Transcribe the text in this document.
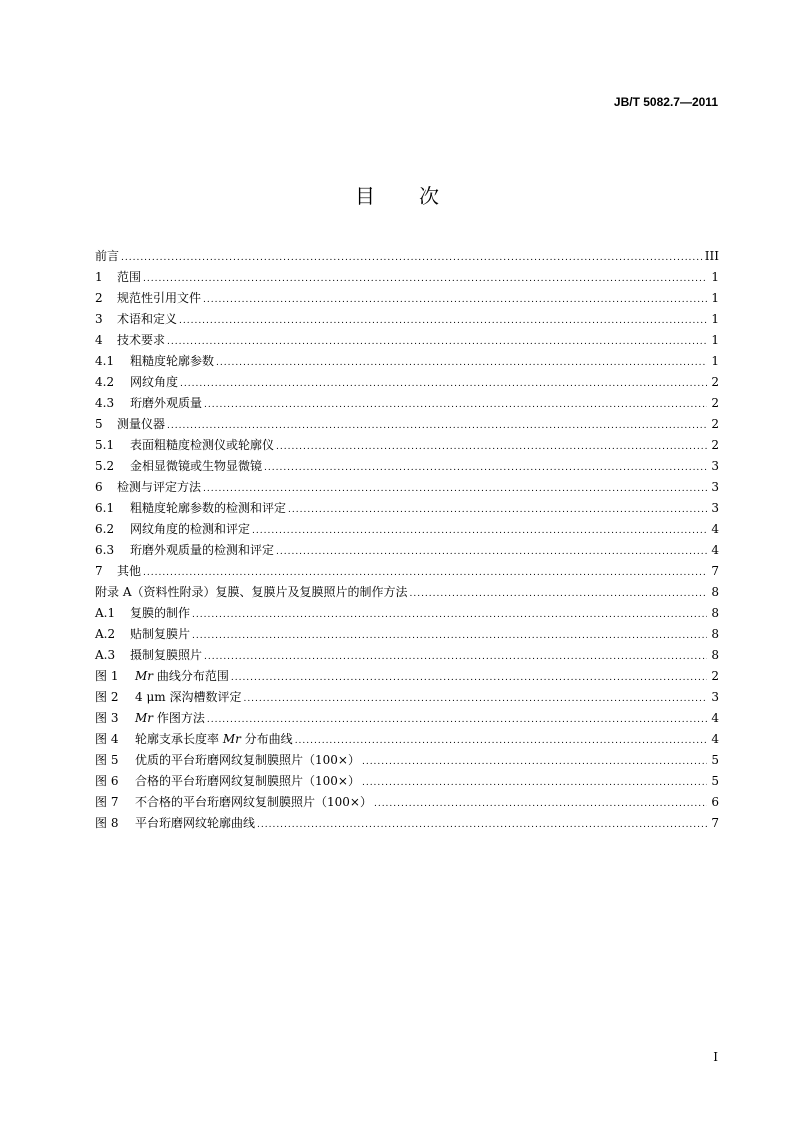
JB/T 5082.7—2011
目 次
前言 .....	III
1	范围 .....	1
2	规范性引用文件 .....	1
3	术语和定义 .....	1
4	技术要求 .....	1
4.1	粗糙度轮廓参数 .....	1
4.2	网纹角度 .....	2
4.3	珩磨外观质量 .....	2
5	测量仪器 .....	2
5.1	表面粗糙度检测仪或轮廓仪 .....	2
5.2	金相显微镜或生物显微镜 .....	3
6	检测与评定方法 .....	3
6.1	粗糙度轮廓参数的检测和评定 .....	3
6.2	网纹角度的检测和评定 .....	4
6.3	珩磨外观质量的检测和评定 .....	4
7	其他 .....	7
附录 A（资料性附录）复膜、复膜片及复膜照片的制作方法 .....	8
A.1	复膜的制作 .....	8
A.2	贴制复膜片 .....	8
A.3	摄制复膜照片 .....	8
图 1	Mr 曲线分布范围 .....	2
图 2	4 μm 深沟槽数评定 .....	3
图 3	Mr 作图方法 .....	4
图 4	轮廓支承长度率 Mr 分布曲线 .....	4
图 5	优质的平台珩磨网纹复制膜照片（100×） .....	5
图 6	合格的平台珩磨网纹复制膜照片（100×） .....	5
图 7	不合格的平台珩磨网纹复制膜照片（100×） .....	6
图 8	平台珩磨网纹轮廓曲线 .....	7
I
